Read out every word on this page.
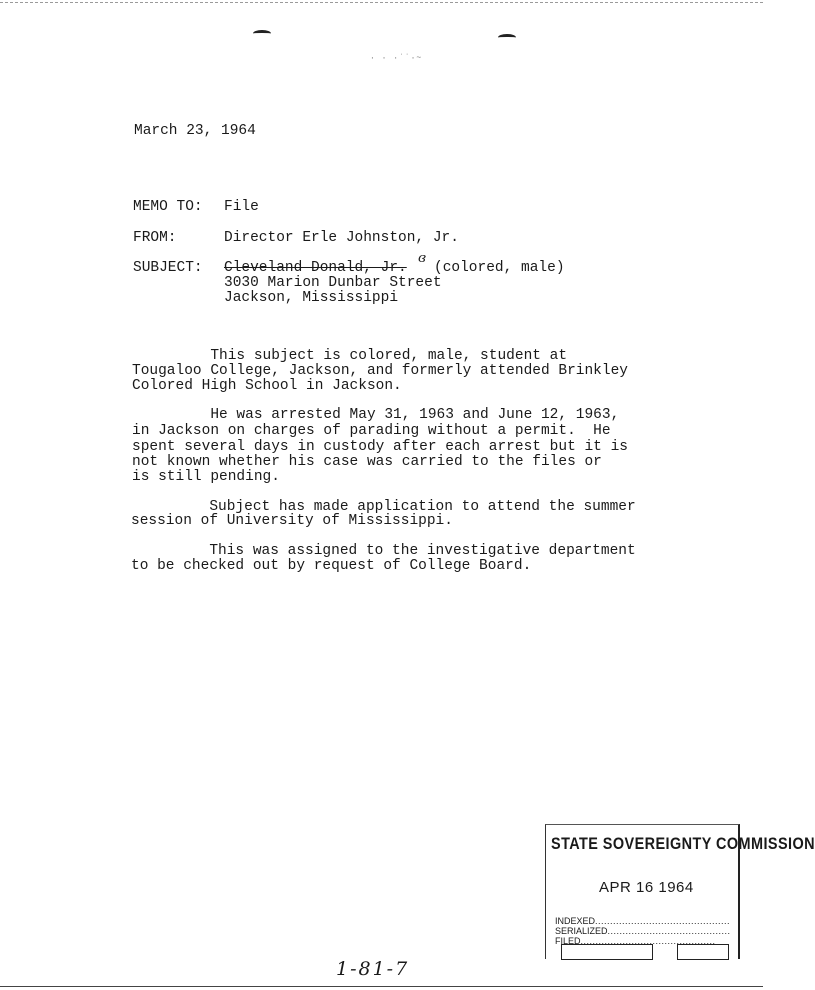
· · ·˙˙·~
March 23, 1964
MEMO TO: File
FROM:	Director Erle Johnston, Jr.
SUBJECT: Cleveland Donald, Jr.
ɞ
(colored, male)
3030 Marion Dunbar Street
Jackson, Mississippi
This subject is colored, male, student at
Tougaloo College, Jackson, and formerly attended Brinkley
Colored High School in Jackson.
He was arrested May 31, 1963 and June 12, 1963,
in Jackson on charges of parading without a permit.  He
spent several days in custody after each arrest but it is
not known whether his case was carried to the files or
is still pending.
Subject has made application to attend the summer
session of University of Mississippi.
This was assigned to the investigative department
to be checked out by request of College Board.
STATE SOVEREIGNTY COMMISSION
APR 16 1964
INDEXED.............................................
SERIALIZED.........................................
FILED.............................................
1-81-7
